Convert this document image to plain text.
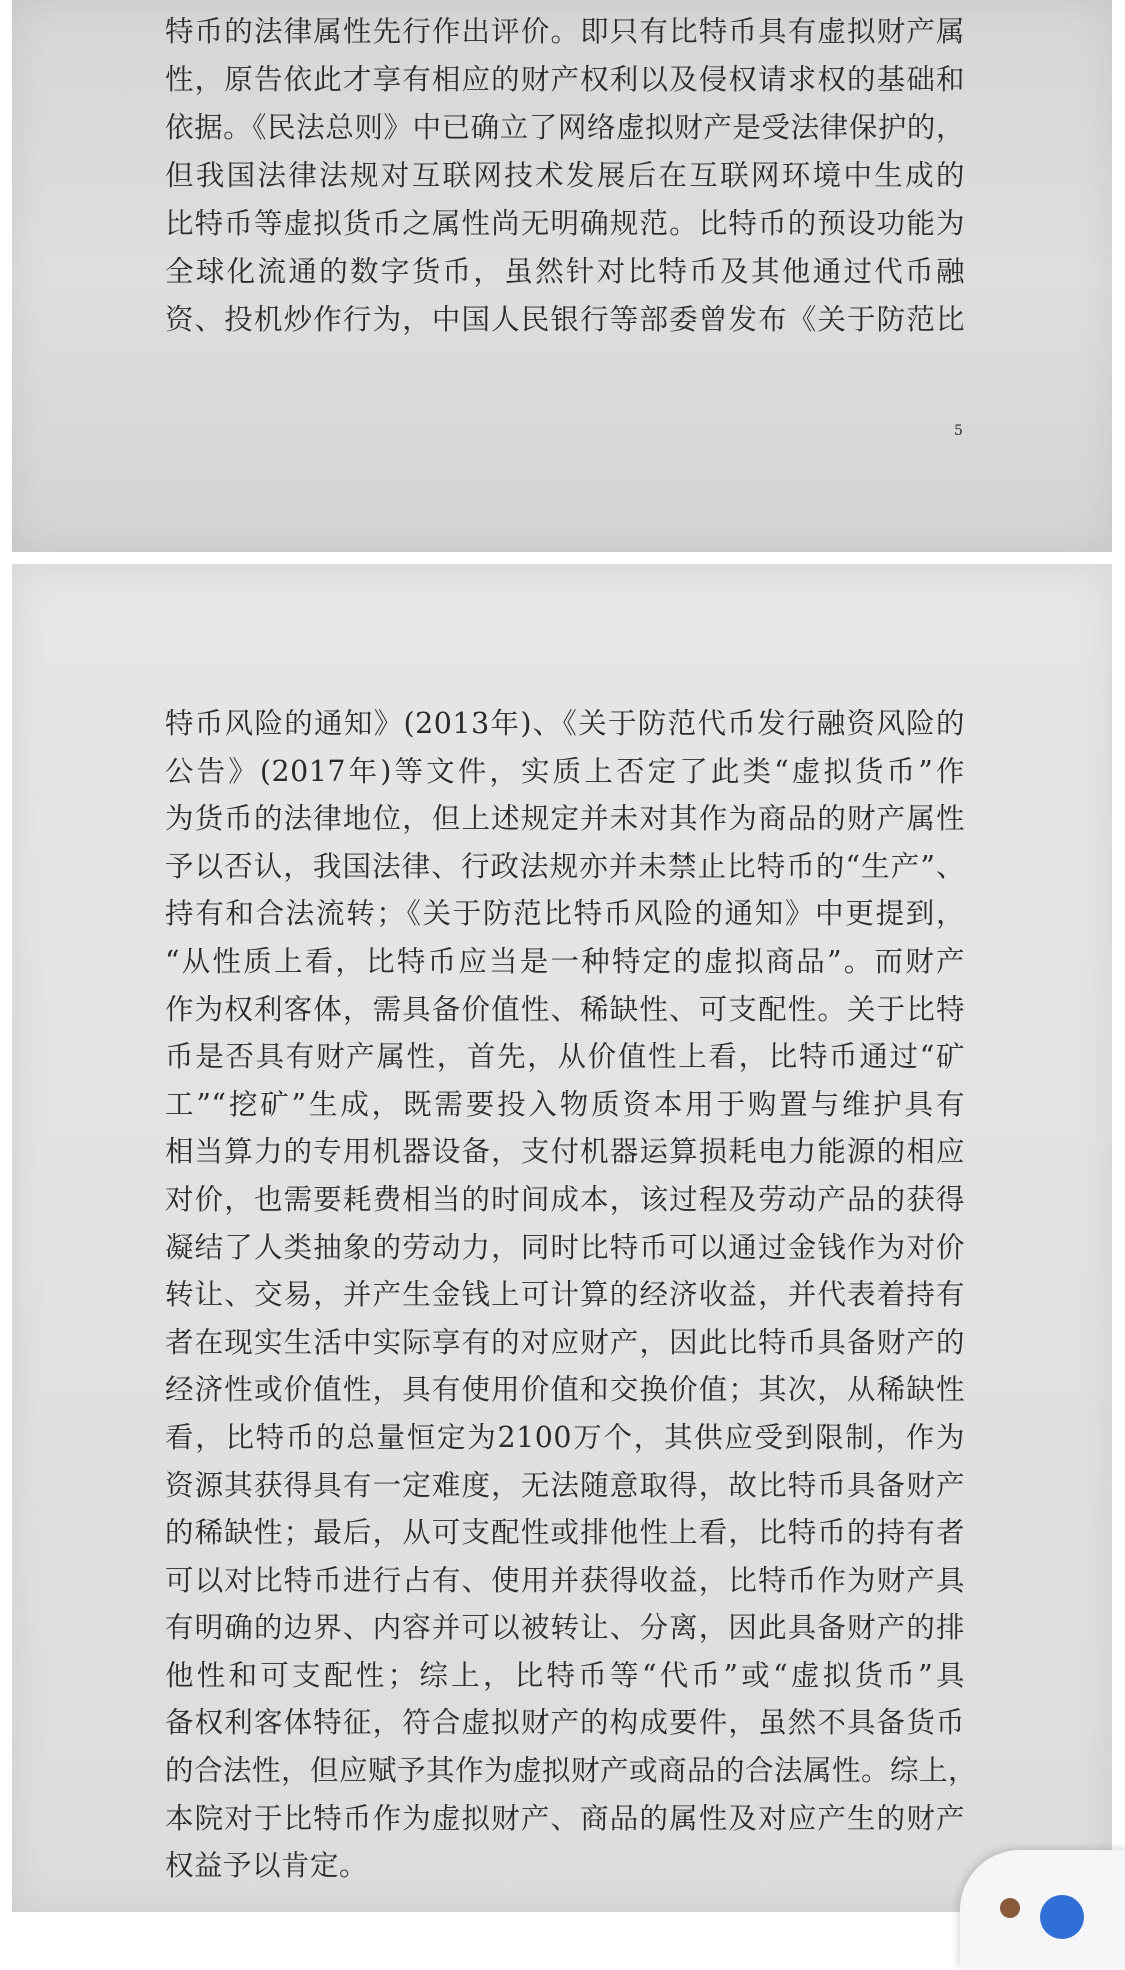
特币的法律属性先行作出评价。即只有比特币具有虚拟财产属
性，原告依此才享有相应的财产权利以及侵权请求权的基础和
依据。《民法总则》中已确立了网络虚拟财产是受法律保护的，
但我国法律法规对互联网技术发展后在互联网环境中生成的
比特币等虚拟货币之属性尚无明确规范。比特币的预设功能为
全球化流通的数字货币，虽然针对比特币及其他通过代币融
资、投机炒作行为，中国人民银行等部委曾发布《关于防范比
5
特币风险的通知》(2013年)、《关于防范代币发行融资风险的
公告》(2017年)等文件，实质上否定了此类“虚拟货币”作
为货币的法律地位，但上述规定并未对其作为商品的财产属性
予以否认，我国法律、行政法规亦并未禁止比特币的“生产”、
持有和合法流转；《关于防范比特币风险的通知》中更提到，
“从性质上看，比特币应当是一种特定的虚拟商品”。而财产
作为权利客体，需具备价值性、稀缺性、可支配性。关于比特
币是否具有财产属性，首先，从价值性上看，比特币通过“矿
工”“挖矿”生成，既需要投入物质资本用于购置与维护具有
相当算力的专用机器设备，支付机器运算损耗电力能源的相应
对价，也需要耗费相当的时间成本，该过程及劳动产品的获得
凝结了人类抽象的劳动力，同时比特币可以通过金钱作为对价
转让、交易，并产生金钱上可计算的经济收益，并代表着持有
者在现实生活中实际享有的对应财产，因此比特币具备财产的
经济性或价值性，具有使用价值和交换价值；其次，从稀缺性
看，比特币的总量恒定为2100万个，其供应受到限制，作为
资源其获得具有一定难度，无法随意取得，故比特币具备财产
的稀缺性；最后，从可支配性或排他性上看，比特币的持有者
可以对比特币进行占有、使用并获得收益，比特币作为财产具
有明确的边界、内容并可以被转让、分离，因此具备财产的排
他性和可支配性；综上，比特币等“代币”或“虚拟货币”具
备权利客体特征，符合虚拟财产的构成要件，虽然不具备货币
的合法性，但应赋予其作为虚拟财产或商品的合法属性。综上，
本院对于比特币作为虚拟财产、商品的属性及对应产生的财产
权益予以肯定。
